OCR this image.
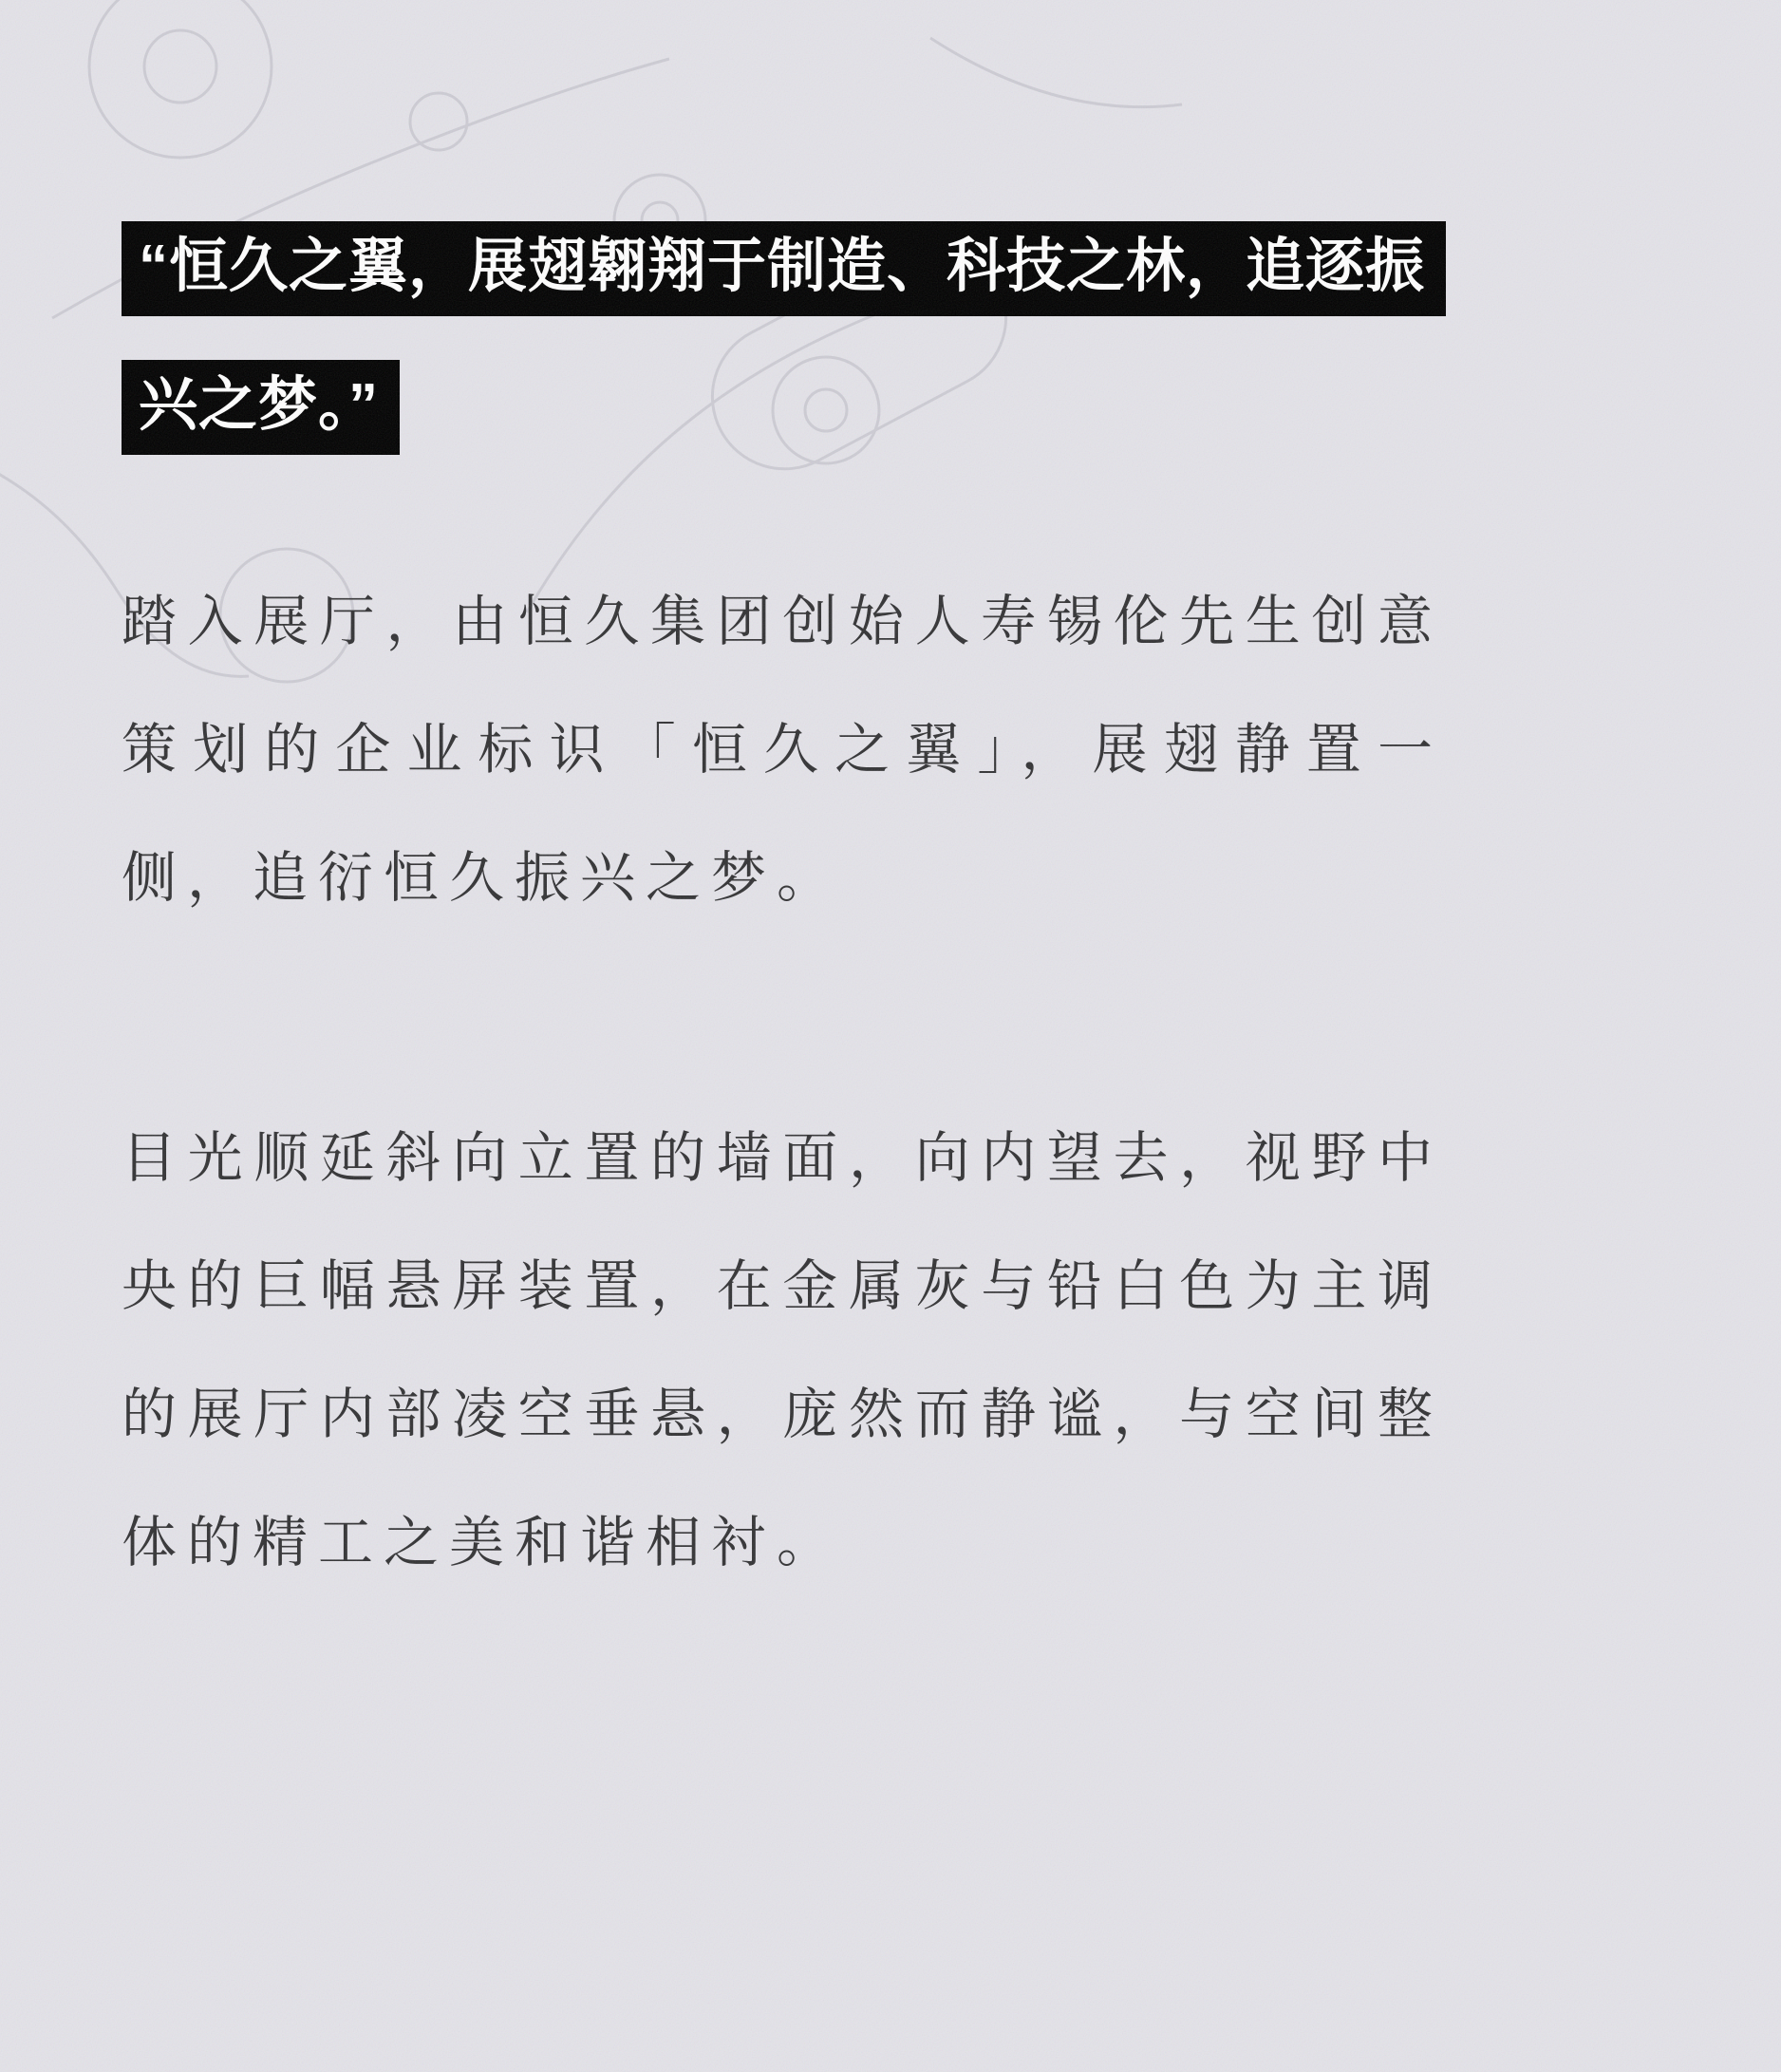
“恒久之翼，展翅翱翔于制造、科技之林，追逐振
兴之梦。”

踏入展厅，由恒久集团创始人寿锡伦先生创意策划的企业标识「恒久之翼」，展翅静置一侧，追衍恒久振兴之梦。

目光顺延斜向立置的墙面，向内望去，视野中央的巨幅悬屏装置，在金属灰与铅白色为主调的展厅内部凌空垂悬，庞然而静谧，与空间整体的精工之美和谐相衬。
